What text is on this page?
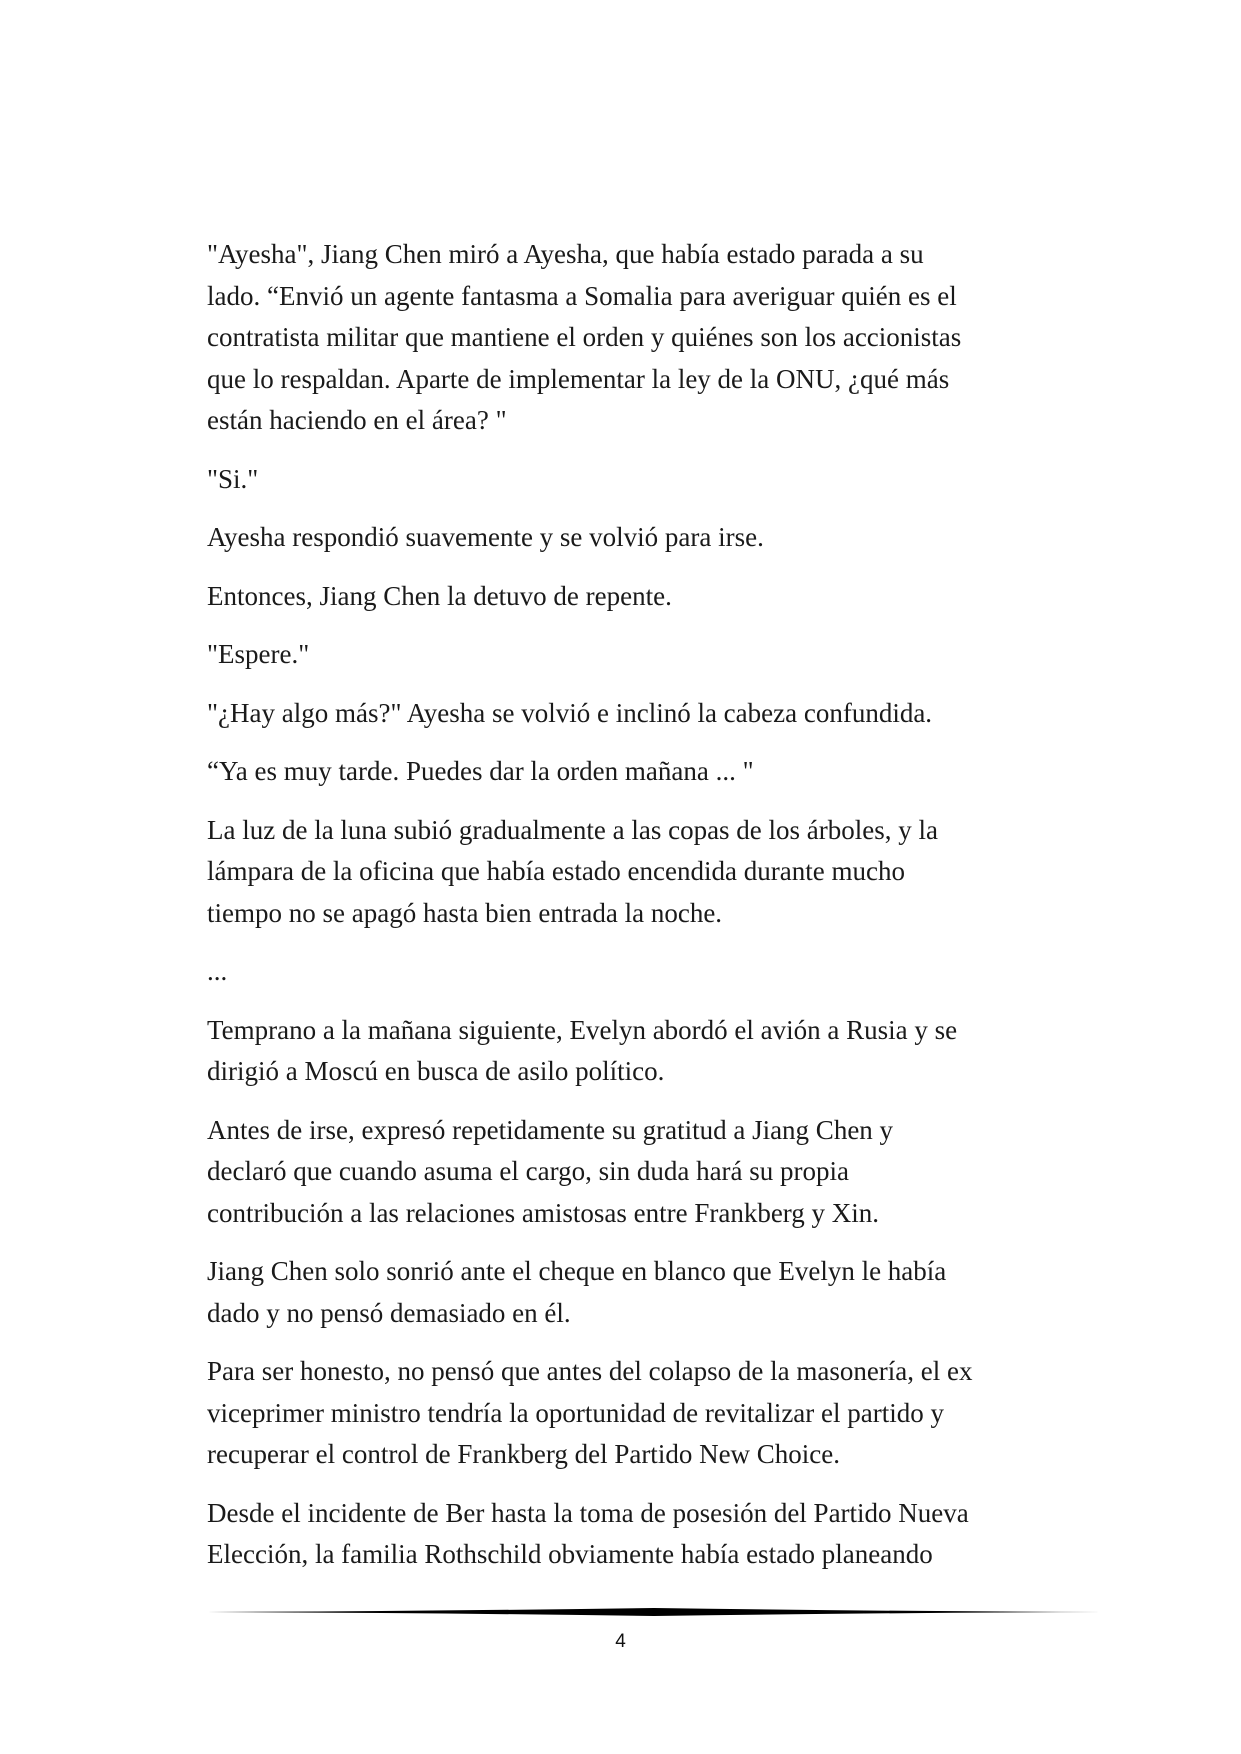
"Ayesha", Jiang Chen miró a Ayesha, que había estado parada a su
lado. “Envió un agente fantasma a Somalia para averiguar quién es el
contratista militar que mantiene el orden y quiénes son los accionistas
que lo respaldan. Aparte de implementar la ley de la ONU, ¿qué más
están haciendo en el área? "

"Si."

Ayesha respondió suavemente y se volvió para irse.

Entonces, Jiang Chen la detuvo de repente.

"Espere."

"¿Hay algo más?" Ayesha se volvió e inclinó la cabeza confundida.

“Ya es muy tarde. Puedes dar la orden mañana ... "

La luz de la luna subió gradualmente a las copas de los árboles, y la
lámpara de la oficina que había estado encendida durante mucho
tiempo no se apagó hasta bien entrada la noche.

...

Temprano a la mañana siguiente, Evelyn abordó el avión a Rusia y se
dirigió a Moscú en busca de asilo político.

Antes de irse, expresó repetidamente su gratitud a Jiang Chen y
declaró que cuando asuma el cargo, sin duda hará su propia
contribución a las relaciones amistosas entre Frankberg y Xin.

Jiang Chen solo sonrió ante el cheque en blanco que Evelyn le había
dado y no pensó demasiado en él.

Para ser honesto, no pensó que antes del colapso de la masonería, el ex
viceprimer ministro tendría la oportunidad de revitalizar el partido y
recuperar el control de Frankberg del Partido New Choice.

Desde el incidente de Ber hasta la toma de posesión del Partido Nueva
Elección, la familia Rothschild obviamente había estado planeando

4
